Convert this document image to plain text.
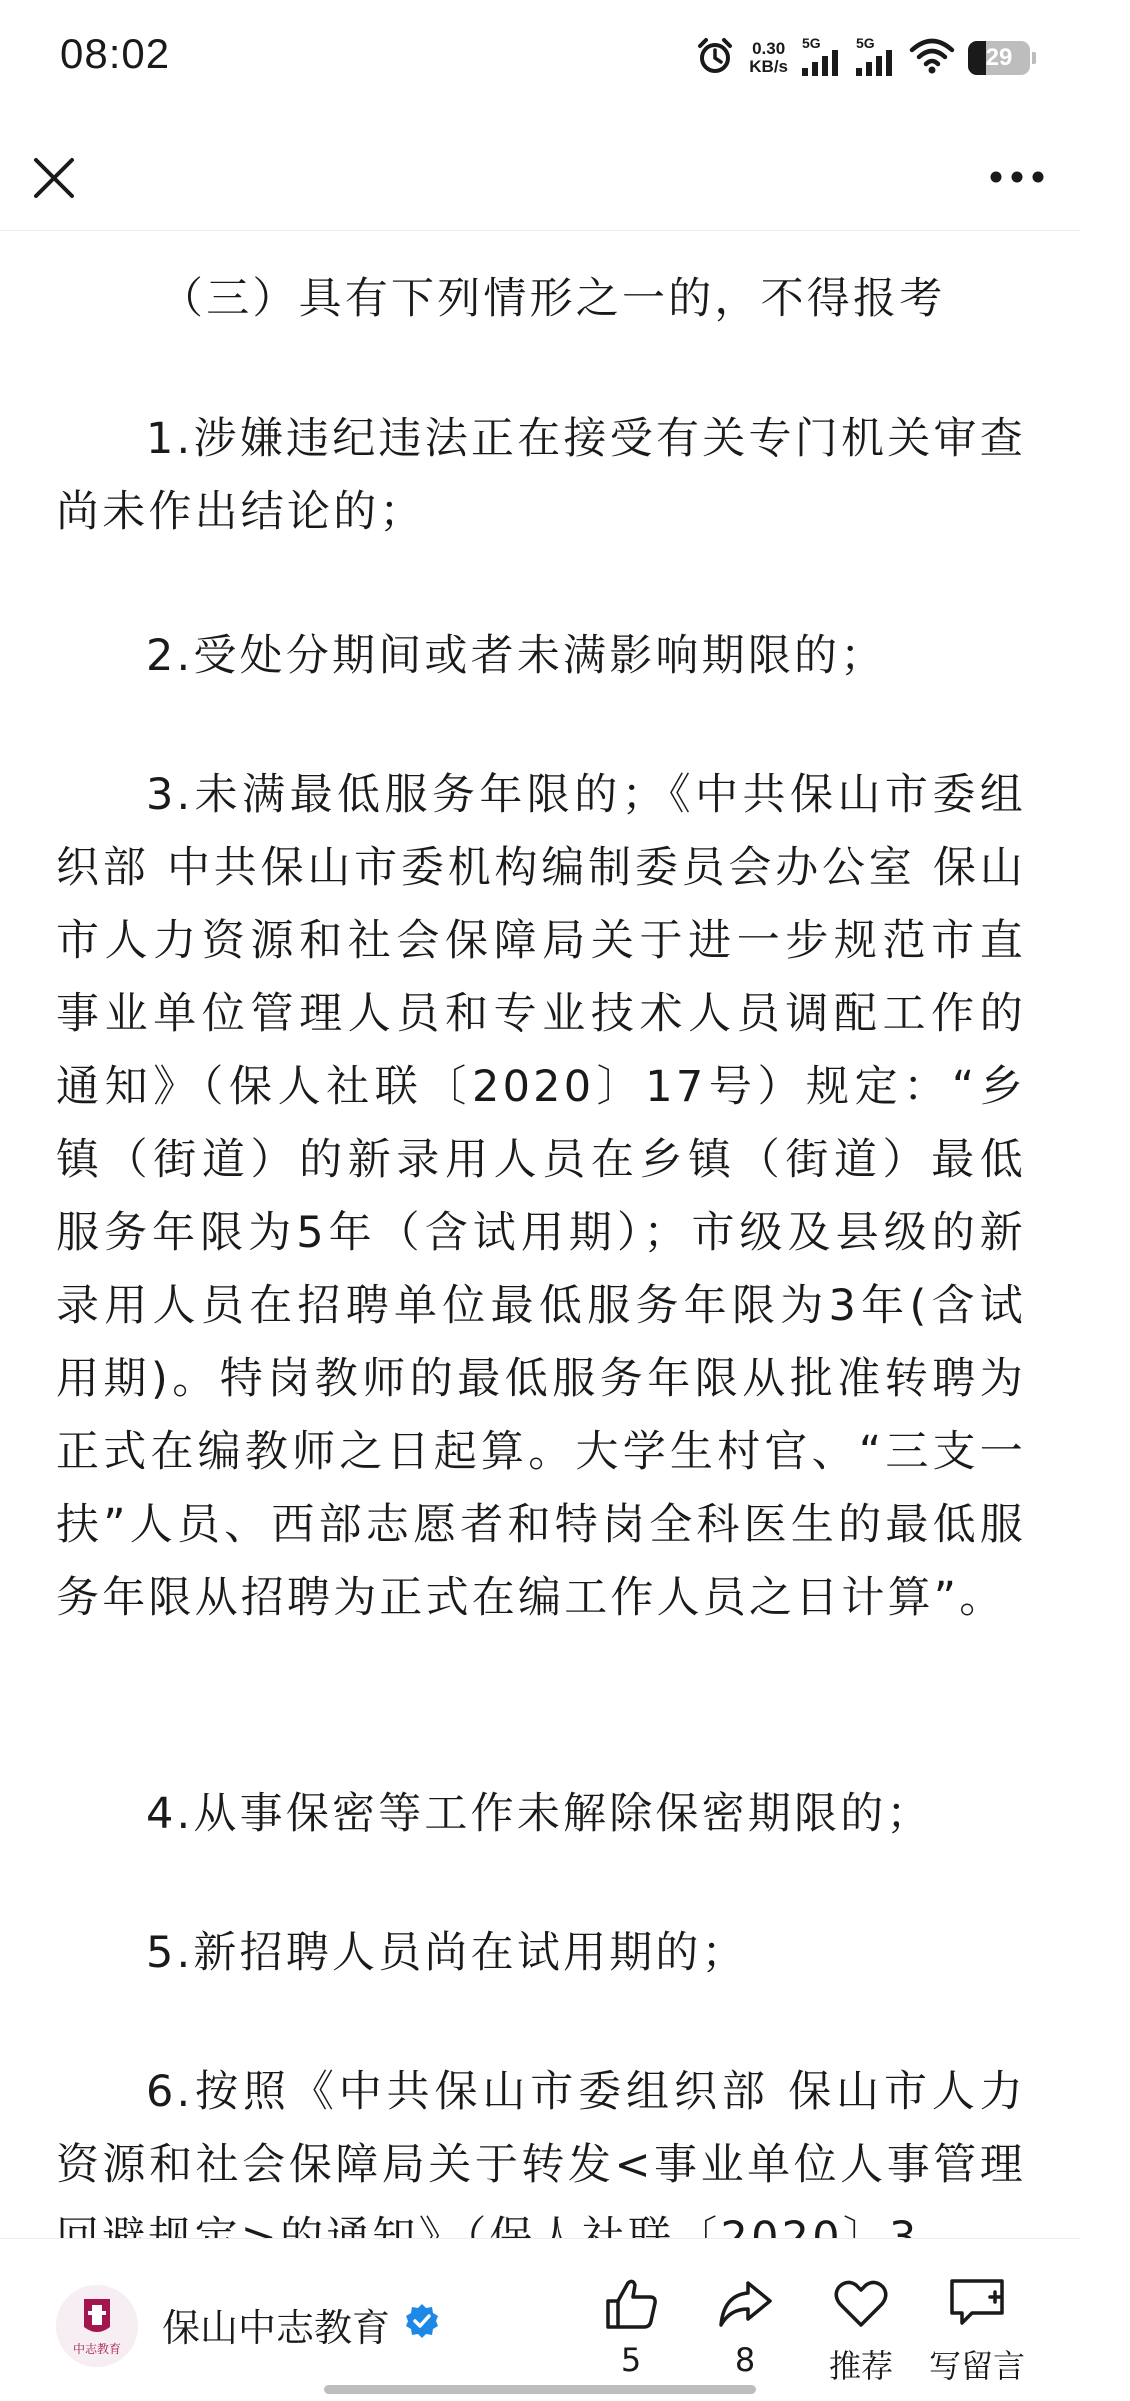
08:02	0.30
KB/s
5G	5G
29
（三）具有下列情形之一的，不得报考
1.涉嫌违纪违法正在接受有关专门机关审查尚未作出结论的；
2.受处分期间或者未满影响期限的；
3.未满最低服务年限的；《中共保山市委组织部 中共保山市委机构编制委员会办公室 保山市人力资源和社会保障局关于进一步规范市直事业单位管理人员和专业技术人员调配工作的通知》（保人社联〔2020〕17号）规定：“乡镇（街道）的新录用人员在乡镇（街道）最低服务年限为5年（含试用期）；市级及县级的新录用人员在招聘单位最低服务年限为3年(含试用期)。特岗教师的最低服务年限从批准转聘为正式在编教师之日起算。大学生村官、“三支一扶”人员、西部志愿者和特岗全科医生的最低服务年限从招聘为正式在编工作人员之日计算”。
4.从事保密等工作未解除保密期限的；
5.新招聘人员尚在试用期的；
6.按照《中共保山市委组织部 保山市人力资源和社会保障局关于转发<事业单位人事管理
中志教育 保山中志教育
5	8 推荐 写留言
